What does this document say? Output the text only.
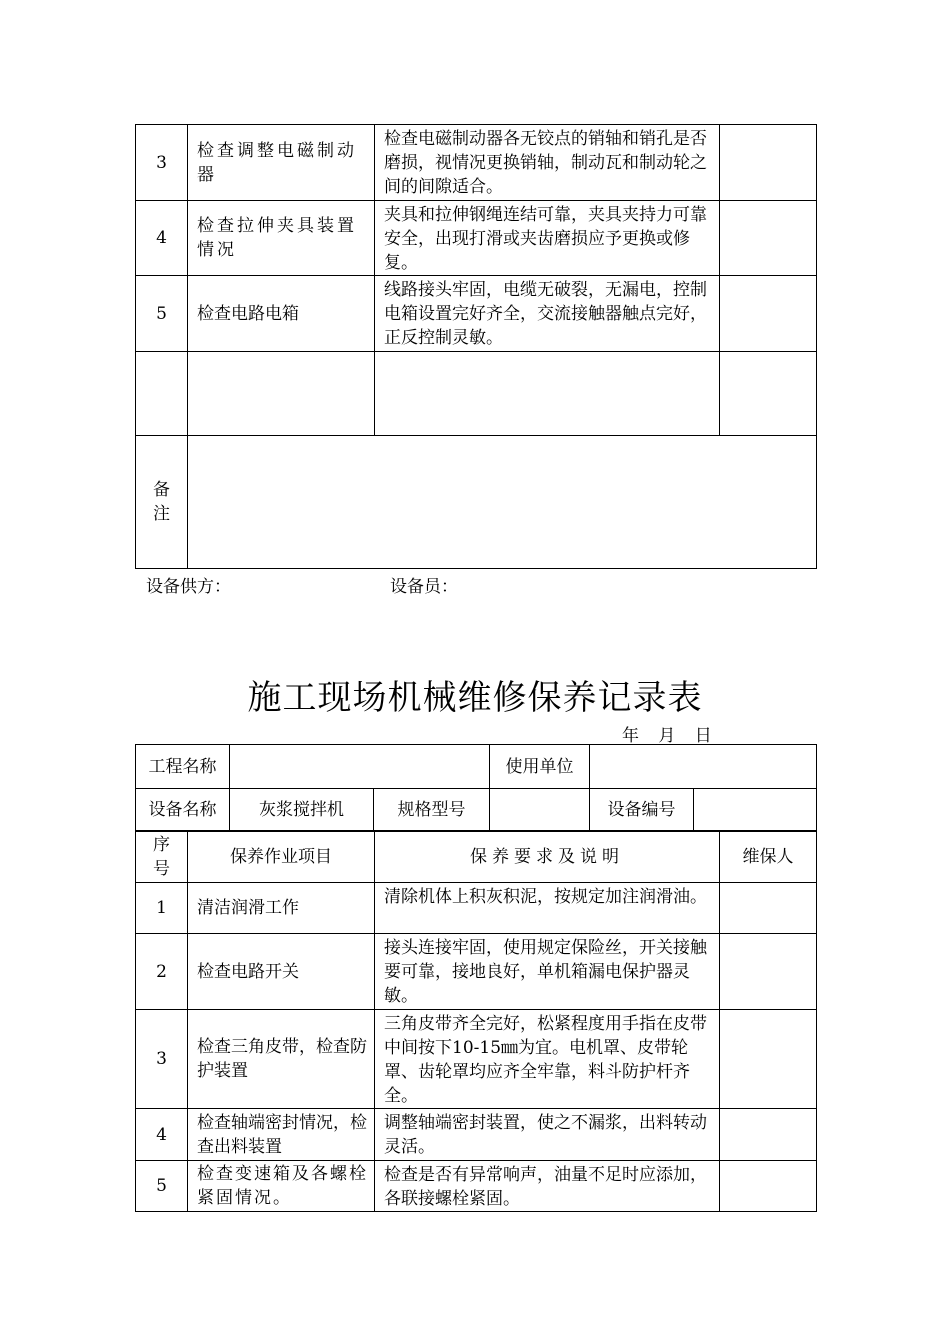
3	检查调整电磁制动器	检查电磁制动器各无铰点的销轴和销孔是否磨损，视情况更换销轴，制动瓦和制动轮之间的间隙适合。	
4	检查拉伸夹具装置情况	夹具和拉伸钢绳连结可靠，夹具夹持力可靠安全，出现打滑或夹齿磨损应予更换或修复。	
5	检查电路电箱	线路接头牢固，电缆无破裂，无漏电，控制电箱设置完好齐全，交流接触器触点完好，正反控制灵敏。	

备
注			

设备供方：	设备员：
施工现场机械维修保养记录表
年 月 日
工程名称			使用单位		
设备名称	灰浆搅拌机	规格型号		设备编号	
序
号	保养作业项目	保养要求及说明	维保人
1	清洁润滑工作	清除机体上积灰积泥，按规定加注润滑油。	
2	检查电路开关	接头连接牢固，使用规定保险丝，开关接触要可靠，接地良好，单机箱漏电保护器灵敏。	
3	检查三角皮带，检查防护装置	三角皮带齐全完好，松紧程度用手指在皮带中间按下10-15㎜为宜。电机罩、皮带轮罩、齿轮罩均应齐全牢靠，料斗防护杆齐全。	
4	检查轴端密封情况，检查出料装置	调整轴端密封装置，使之不漏浆，出料转动灵活。	
5	检查变速箱及各螺栓紧固情况。	检查是否有异常响声，油量不足时应添加，各联接螺栓紧固。	
